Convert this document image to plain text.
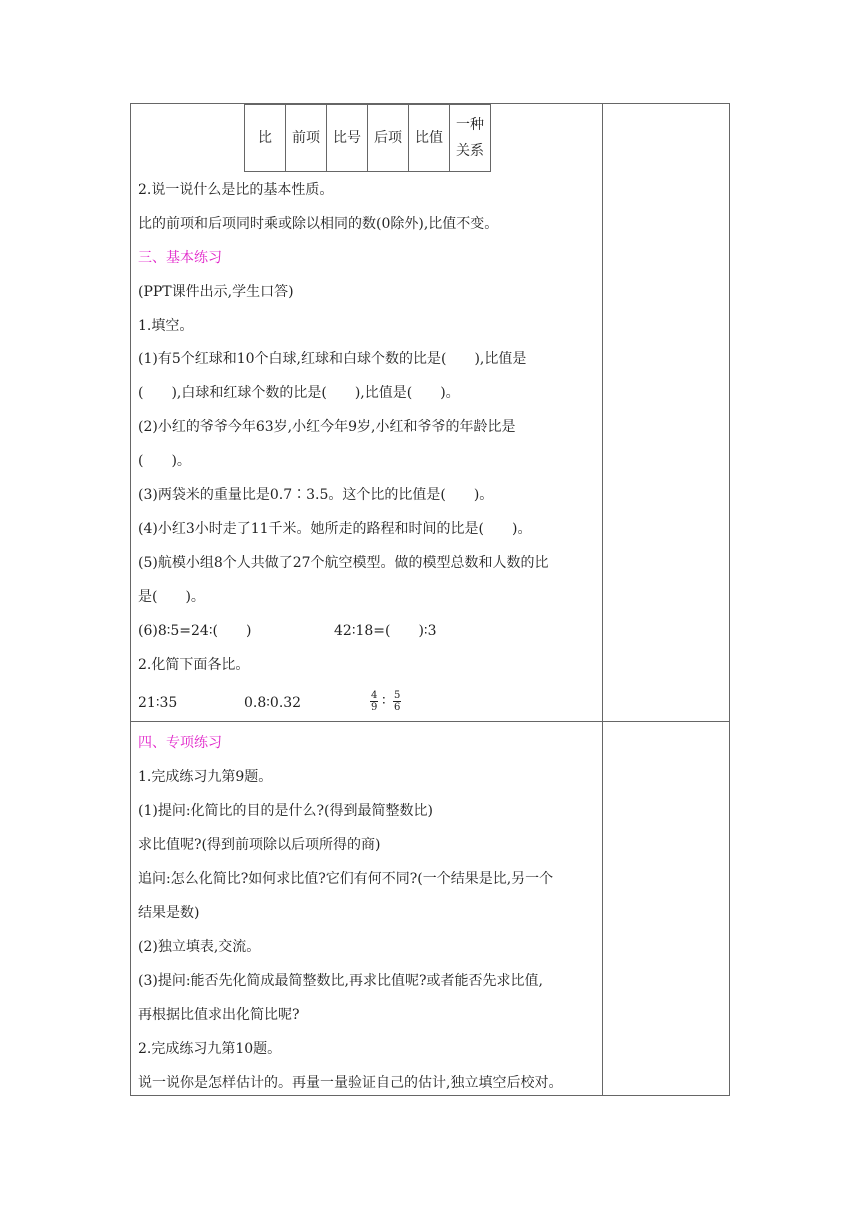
比	前项	比号	后项	比值	一种关系
2.说一说什么是比的基本性质。
比的前项和后项同时乘或除以相同的数(0除外),比值不变。
三、基本练习
(PPT课件出示,学生口答)
1.填空。
(1)有5个红球和10个白球,红球和白球个数的比是(　　),比值是
(　　),白球和红球个数的比是(　　),比值是(　　)。
(2)小红的爷爷今年63岁,小红今年9岁,小红和爷爷的年龄比是
(　　)。
(3)两袋米的重量比是0.7∶3.5。这个比的比值是(　　)。
(4)小红3小时走了11千米。她所走的路程和时间的比是(　　)。
(5)航模小组8个人共做了27个航空模型。做的模型总数和人数的比
是(　　)。
(6)8∶5=24∶(　　)	42∶18=(　　)∶3
2.化简下面各比。
21∶35	0.8∶0.32	$\frac{4}{9}$ ∶ $\frac{5}{6}$
四、专项练习
1.完成练习九第9题。
(1)提问:化简比的目的是什么?(得到最简整数比)
求比值呢?(得到前项除以后项所得的商)
追问:怎么化简比?如何求比值?它们有何不同?(一个结果是比,另一个
结果是数)
(2)独立填表,交流。
(3)提问:能否先化简成最简整数比,再求比值呢?或者能否先求比值,
再根据比值求出化简比呢?
2.完成练习九第10题。
说一说你是怎样估计的。再量一量验证自己的估计,独立填空后校对。
